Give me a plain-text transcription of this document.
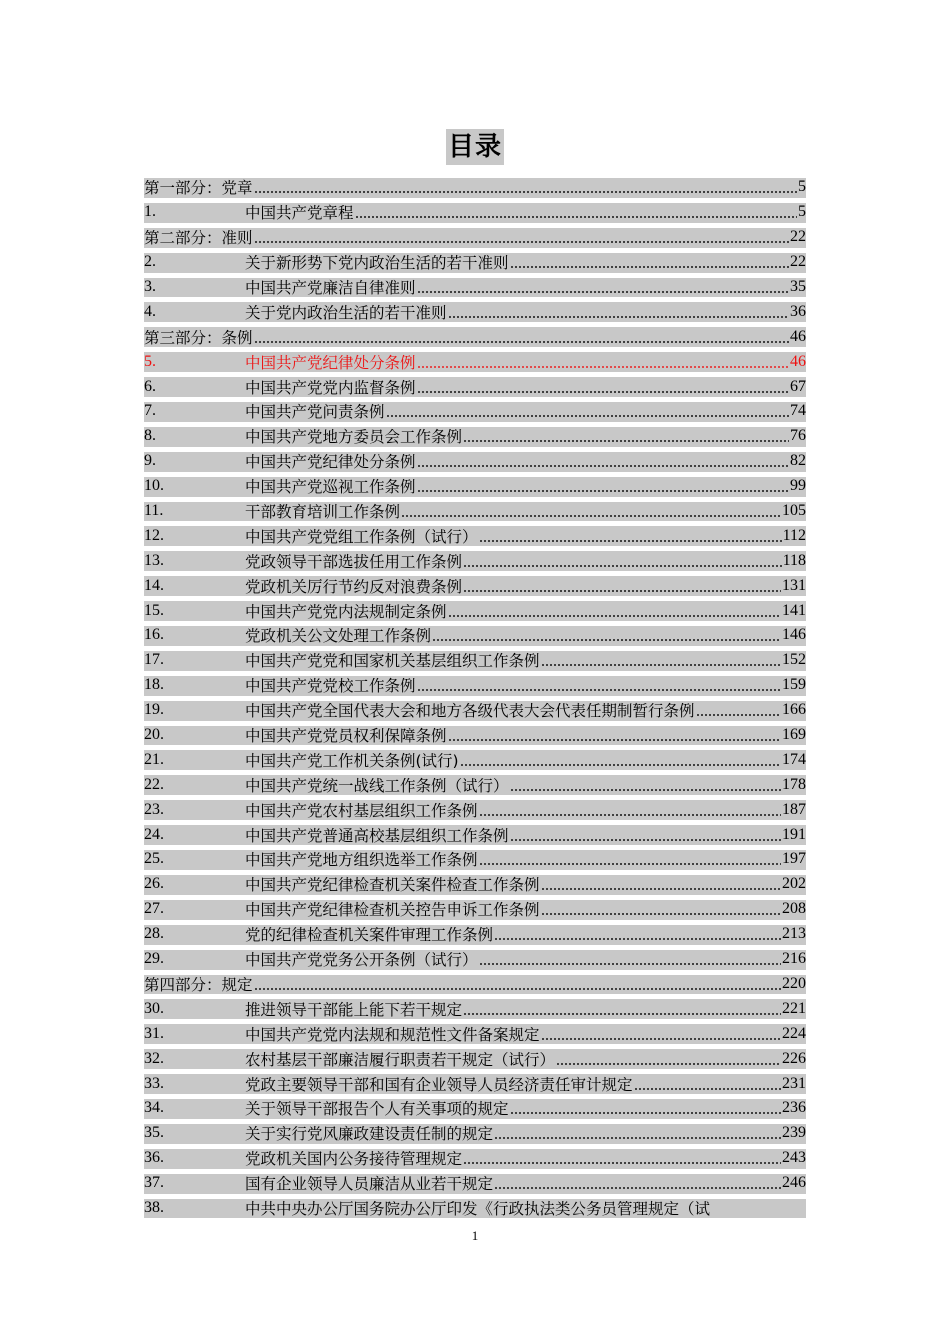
目录
第一部分：党章	5
1.	中国共产党章程	5
第二部分：准则	22
2.	关于新形势下党内政治生活的若干准则	22
3.	中国共产党廉洁自律准则	35
4.	关于党内政治生活的若干准则	36
第三部分：条例	46
5.	中国共产党纪律处分条例	46
6.	中国共产党党内监督条例	67
7.	中国共产党问责条例	74
8.	中国共产党地方委员会工作条例	76
9.	中国共产党纪律处分条例	82
10.	中国共产党巡视工作条例	99
11.	干部教育培训工作条例	105
12.	中国共产党党组工作条例（试行）	112
13.	党政领导干部选拔任用工作条例	118
14.	党政机关厉行节约反对浪费条例	131
15.	中国共产党党内法规制定条例	141
16.	党政机关公文处理工作条例	146
17.	中国共产党党和国家机关基层组织工作条例	152
18.	中国共产党党校工作条例	159
19.	中国共产党全国代表大会和地方各级代表大会代表任期制暂行条例	166
20.	中国共产党党员权利保障条例	169
21.	中国共产党工作机关条例(试行)	174
22.	中国共产党统一战线工作条例（试行）	178
23.	中国共产党农村基层组织工作条例	187
24.	中国共产党普通高校基层组织工作条例	191
25.	中国共产党地方组织选举工作条例	197
26.	中国共产党纪律检查机关案件检查工作条例	202
27.	中国共产党纪律检查机关控告申诉工作条例	208
28.	党的纪律检查机关案件审理工作条例	213
29.	中国共产党党务公开条例（试行）	216
第四部分：规定	220
30.	推进领导干部能上能下若干规定	221
31.	中国共产党党内法规和规范性文件备案规定	224
32.	农村基层干部廉洁履行职责若干规定（试行）	226
33.	党政主要领导干部和国有企业领导人员经济责任审计规定	231
34.	关于领导干部报告个人有关事项的规定	236
35.	关于实行党风廉政建设责任制的规定	239
36.	党政机关国内公务接待管理规定	243
37.	国有企业领导人员廉洁从业若干规定	246
38.	中共中央办公厅国务院办公厅印发《行政执法类公务员管理规定（试
1
